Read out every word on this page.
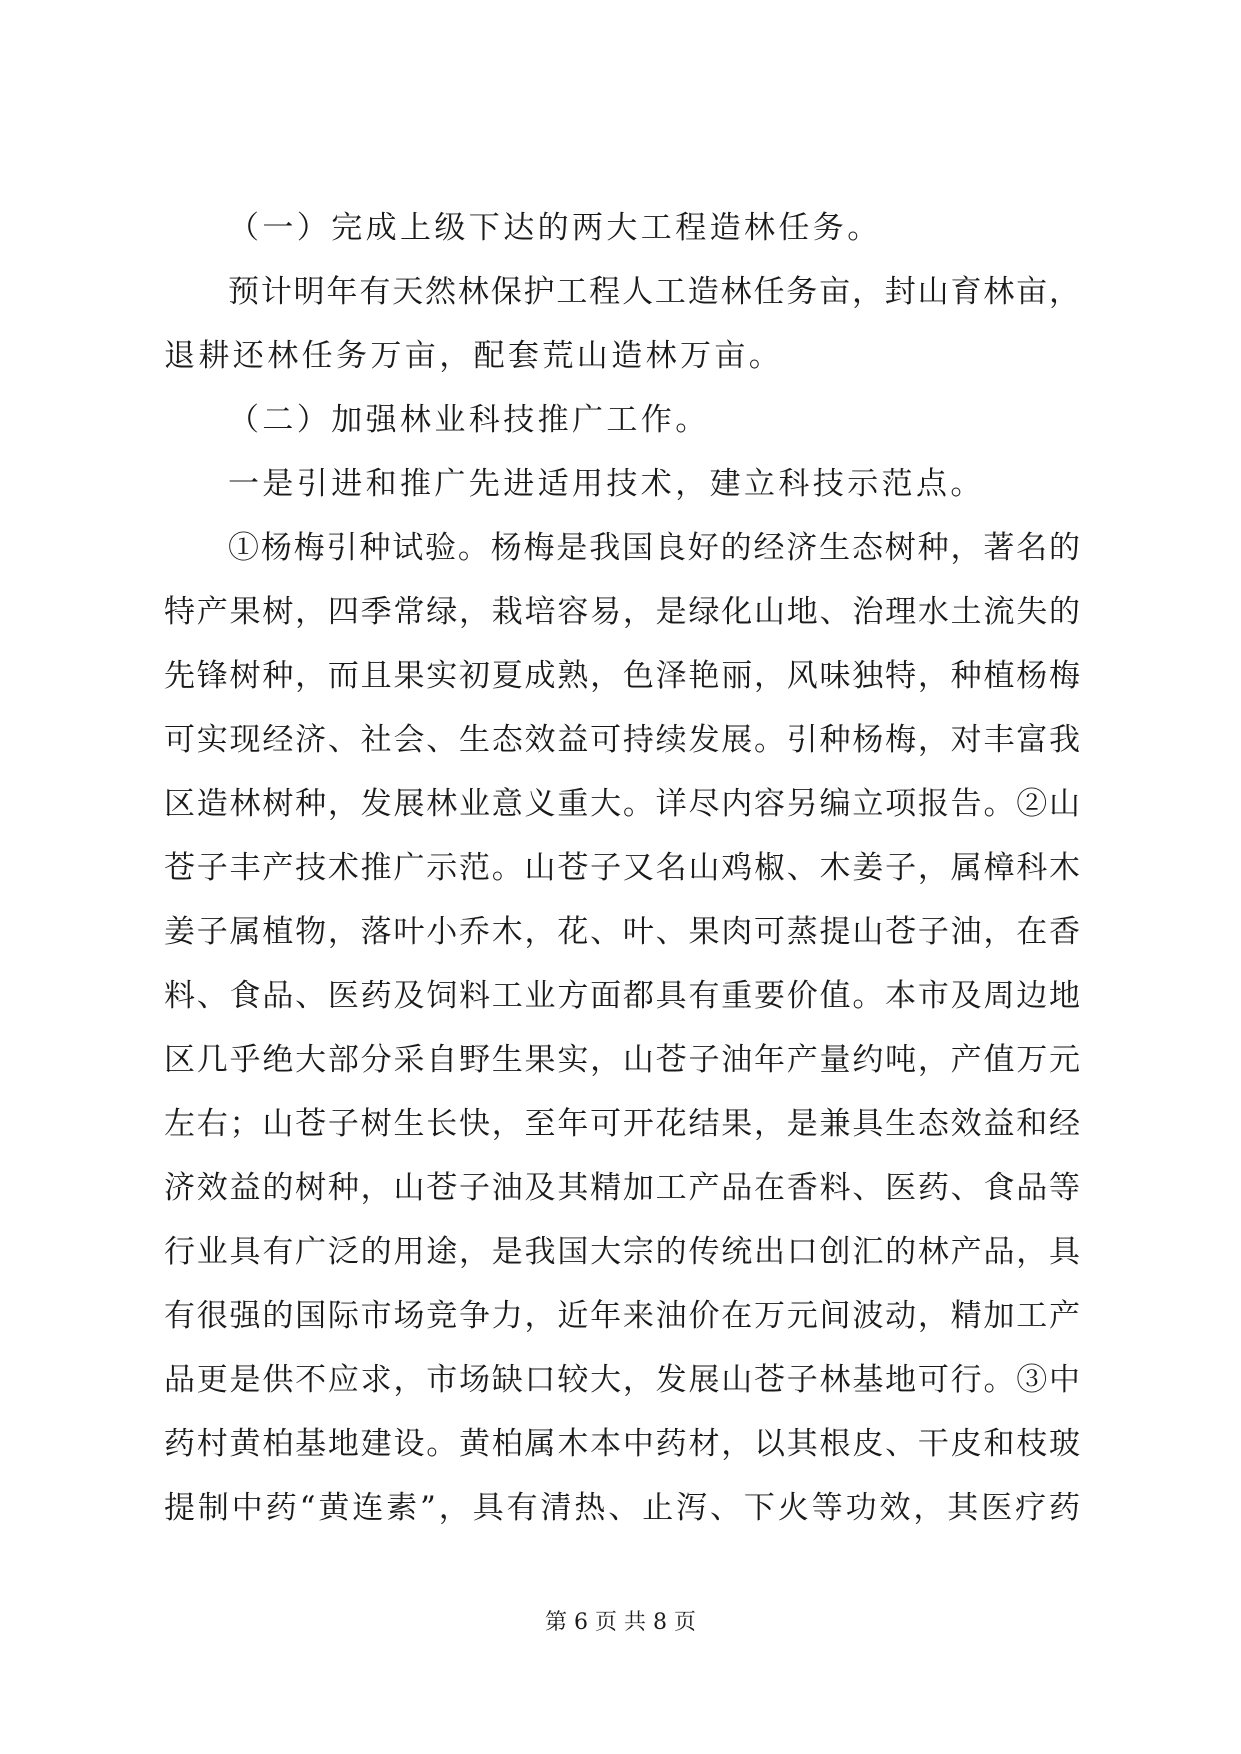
（一）完成上级下达的两大工程造林任务。
预计明年有天然林保护工程人工造林任务亩，封山育林亩，
退耕还林任务万亩，配套荒山造林万亩。
（二）加强林业科技推广工作。
一是引进和推广先进适用技术，建立科技示范点。
①杨梅引种试验。杨梅是我国良好的经济生态树种，著名的
特产果树，四季常绿，栽培容易，是绿化山地、治理水土流失的
先锋树种，而且果实初夏成熟，色泽艳丽，风味独特，种植杨梅
可实现经济、社会、生态效益可持续发展。引种杨梅，对丰富我
区造林树种，发展林业意义重大。详尽内容另编立项报告。②山
苍子丰产技术推广示范。山苍子又名山鸡椒、木姜子，属樟科木
姜子属植物，落叶小乔木，花、叶、果肉可蒸提山苍子油，在香
料、食品、医药及饲料工业方面都具有重要价值。本市及周边地
区几乎绝大部分采自野生果实，山苍子油年产量约吨，产值万元
左右；山苍子树生长快，至年可开花结果，是兼具生态效益和经
济效益的树种，山苍子油及其精加工产品在香料、医药、食品等
行业具有广泛的用途，是我国大宗的传统出口创汇的林产品，具
有很强的国际市场竞争力，近年来油价在万元间波动，精加工产
品更是供不应求，市场缺口较大，发展山苍子林基地可行。③中
药村黄柏基地建设。黄柏属木本中药材，以其根皮、干皮和枝玻
提制中药“黄连素”，具有清热、止泻、下火等功效，其医疗药
第 6 页 共 8 页
